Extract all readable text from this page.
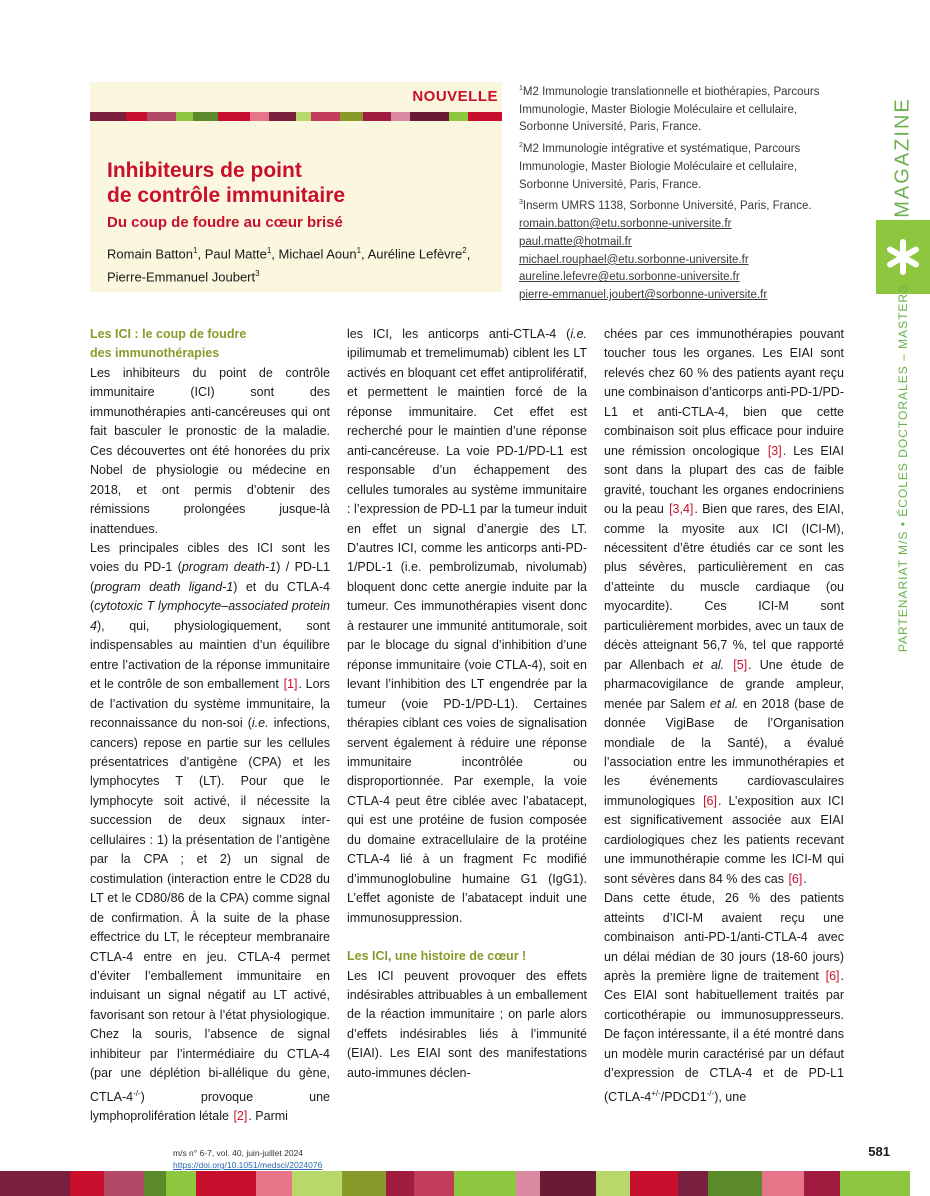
NOUVELLE
Inhibiteurs de point
de contrôle immunitaire
Du coup de foudre au cœur brisé
Romain Batton$^1$, Paul Matte$^1$, Michael Aoun$^1$, Auréline Lefèvre$^2$,
Pierre-Emmanuel Joubert$^3$
$^1$M2 Immunologie translationnelle et biothérapies, Parcours
Immunologie, Master Biologie Moléculaire et cellulaire,
Sorbonne Université, Paris, France.
$^2$M2 Immunologie intégrative et systématique, Parcours
Immunologie, Master Biologie Moléculaire et cellulaire,
Sorbonne Université, Paris, France.
$^3$Inserm UMRS 1138, Sorbonne Université, Paris, France.
romain.batton@etu.sorbonne-universite.fr
paul.matte@hotmail.fr
michael.rouphael@etu.sorbonne-universite.fr
aureline.lefevre@etu.sorbonne-universite.fr
pierre-emmanuel.joubert@sorbonne-universite.fr
MAGAZINE
PARTENARIAT M/S • ÉCOLES DOCTORALES – MASTERS
Les ICI : le coup de foudre
des immunothérapies

Les inhibiteurs du point de contrôle immunitaire (ICI) sont des immunothérapies anti-cancéreuses qui ont fait basculer le pronostic de la maladie. Ces découvertes ont été honorées du prix Nobel de physiologie ou médecine en 2018, et ont permis d’obtenir des rémissions prolongées jusque-là inattendues.

Les principales cibles des ICI sont les voies du PD-1 (program death-1) / PD-L1 (program death ligand-1) et du CTLA-4 (cytotoxic T lymphocyte–associated protein 4), qui, physiologiquement, sont indispensables au maintien d’un équilibre entre l’activation de la réponse immunitaire et le contrôle de son emballement [1]. Lors de l’activation du système immunitaire, la reconnaissance du non-soi (i.e. infections, cancers) repose en partie sur les cellules présentatrices d’antigène (CPA) et les lymphocytes T (LT). Pour que le lymphocyte soit activé, il nécessite la succession de deux signaux inter-cellulaires : 1) la présentation de l’antigène par la CPA ; et 2) un signal de costimulation (interaction entre le CD28 du LT et le CD80/86 de la CPA) comme signal de confirmation. À la suite de la phase effectrice du LT, le récepteur membranaire CTLA-4 entre en jeu. CTLA-4 permet d’éviter l’emballement immunitaire en induisant un signal négatif au LT activé, favorisant son retour à l’état physiologique. Chez la souris, l’absence de signal inhibiteur par l’intermédiaire du CTLA-4 (par une déplétion bi-allélique du gène, CTLA-4-/-) provoque une lymphoprolifération létale [2]. Parmi

les ICI, les anticorps anti-CTLA-4 (i.e. ipilimumab et tremelimumab) ciblent les LT activés en bloquant cet effet antiprolifératif, et permettent le maintien forcé de la réponse immunitaire. Cet effet est recherché pour le maintien d’une réponse anti-cancéreuse. La voie PD-1/PD-L1 est responsable d’un échappement des cellules tumorales au système immunitaire : l’expression de PD-L1 par la tumeur induit en effet un signal d’anergie des LT. D’autres ICI, comme les anticorps anti-PD-1/PDL-1 (i.e. pembrolizumab, nivolumab) bloquent donc cette anergie induite par la tumeur. Ces immunothérapies visent donc à restaurer une immunité antitumorale, soit par le blocage du signal d’inhibition d’une réponse immunitaire (voie CTLA-4), soit en levant l’inhibition des LT engendrée par la tumeur (voie PD-1/PD-L1). Certaines thérapies ciblant ces voies de signalisation servent également à réduire une réponse immunitaire incontrôlée ou disproportionnée. Par exemple, la voie CTLA-4 peut être ciblée avec l’abatacept, qui est une protéine de fusion composée du domaine extracellulaire de la protéine CTLA-4 lié à un fragment Fc modifié d’immunoglobuline humaine G1 (IgG1). L’effet agoniste de l’abatacept induit une immunosuppression.

Les ICI, une histoire de cœur !

Les ICI peuvent provoquer des effets indésirables attribuables à un emballement de la réaction immunitaire ; on parle alors d’effets indésirables liés à l’immunité (EIAI). Les EIAI sont des manifestations auto-immunes déclen-

chées par ces immunothérapies pouvant toucher tous les organes. Les EIAI sont relevés chez 60 % des patients ayant reçu une combinaison d’anticorps anti-PD-1/PD-L1 et anti-CTLA-4, bien que cette combinaison soit plus efficace pour induire une rémission oncologique [3]. Les EIAI sont dans la plupart des cas de faible gravité, touchant les organes endocriniens ou la peau [3,4]. Bien que rares, des EIAI, comme la myosite aux ICI (ICI-M), nécessitent d’être étudiés car ce sont les plus sévères, particulièrement en cas d’atteinte du muscle cardiaque (ou myocardite). Ces ICI-M sont particulièrement morbides, avec un taux de décès atteignant 56,7 %, tel que rapporté par Allenbach et al. [5]. Une étude de pharmacovigilance de grande ampleur, menée par Salem et al. en 2018 (base de donnée VigiBase de l’Organisation mondiale de la Santé), a évalué l’association entre les immunothérapies et les événements cardiovasculaires immunologiques [6]. L’exposition aux ICI est significativement associée aux EIAI cardiologiques chez les patients recevant une immunothérapie comme les ICI-M qui sont sévères dans 84 % des cas [6].

Dans cette étude, 26 % des patients atteints d’ICI-M avaient reçu une combinaison anti-PD-1/anti-CTLA-4 avec un délai médian de 30 jours (18-60 jours) après la première ligne de traitement [6]. Ces EIAI sont habituellement traités par corticothérapie ou immunosuppresseurs. De façon intéressante, il a été montré dans un modèle murin caractérisé par un défaut d’expression de CTLA-4 et de PD-L1 (CTLA-4+/-/PDCD1-/-), une

m/s n° 6-7, vol. 40, juin-juillet 2024
https://doi.org/10.1051/medsci/2024076
581
